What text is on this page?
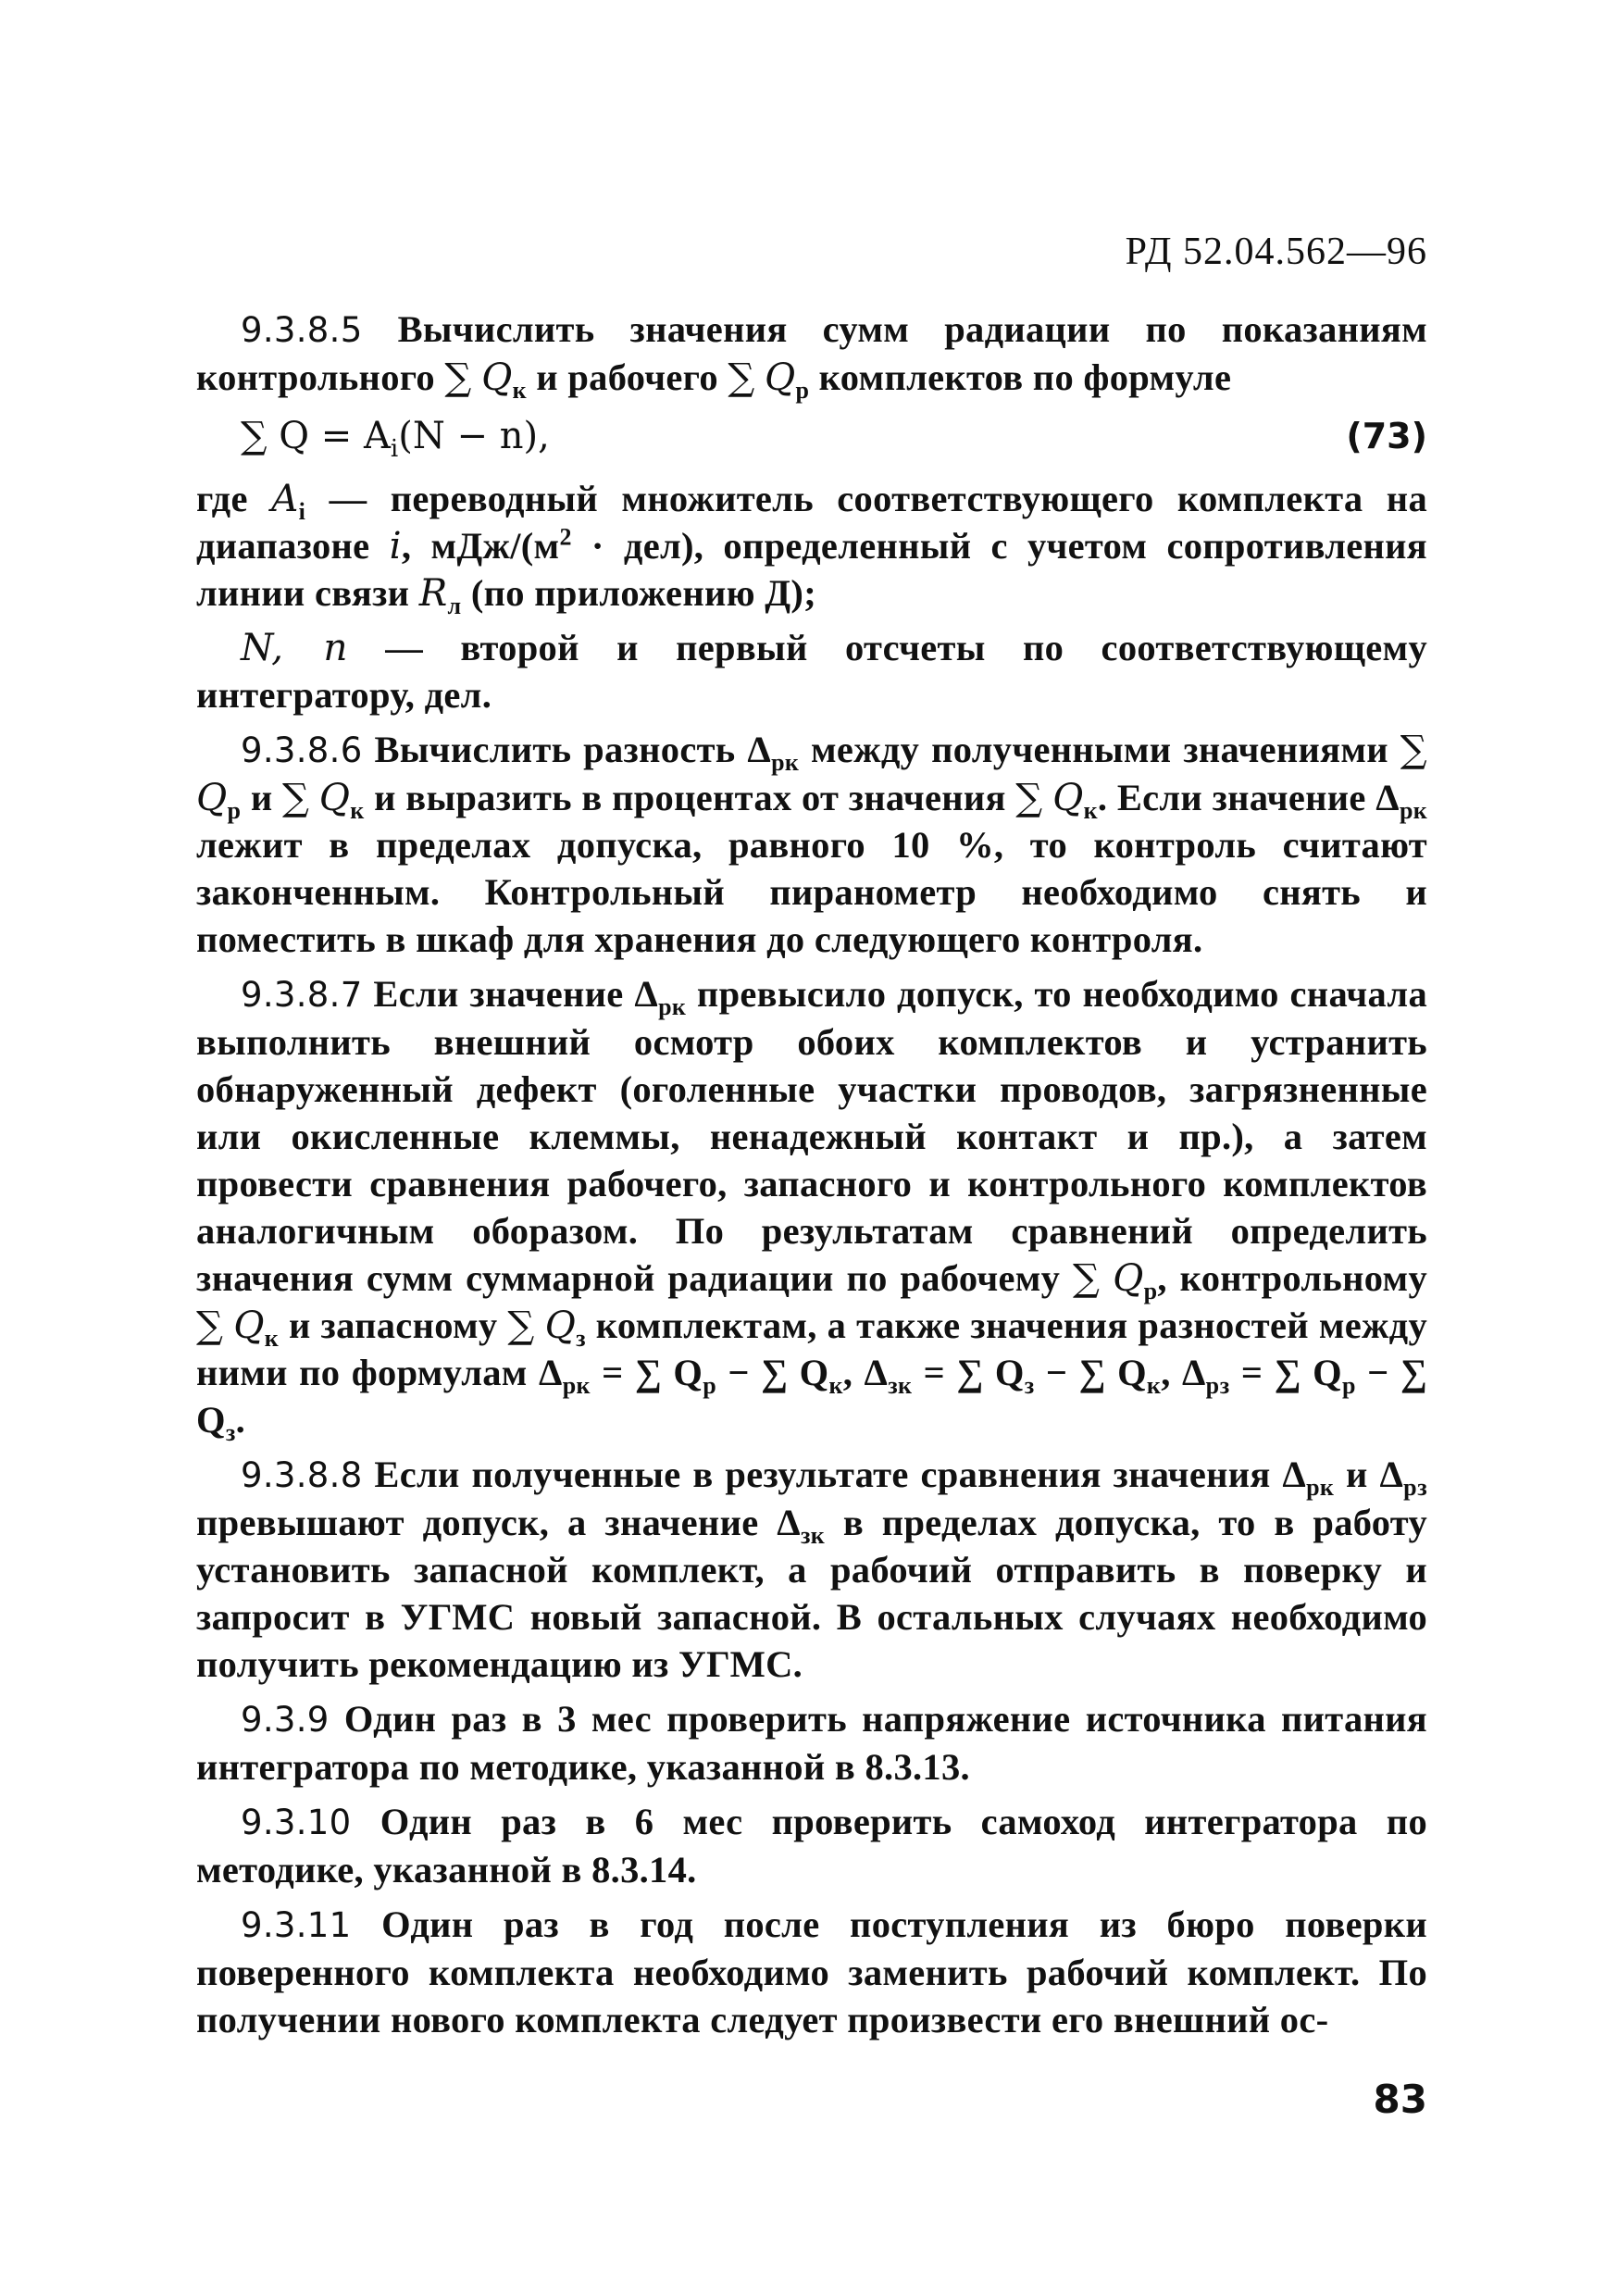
РД 52.04.562—96

9.3.8.5 Вычислить значения сумм радиации по показаниям контрольного ∑ $Q_к$ и рабочего ∑ $Q_р$ комплектов по формуле

∑ $Q = A_i(N - n)$,	(73)

где $A_i$ — переводный множитель соответствующего комплекта на диапазоне i, мДж/$(м^2 \cdot дел)$, определенный с учетом сопротивления линии связи $R_л$ (по приложению Д);

N, n — второй и первый отсчеты по соответствующему интегратору, дел.

9.3.8.6 Вычислить разность $\Delta_{рк}$ между полученными значениями ∑ $Q_р$ и ∑ $Q_к$ и выразить в процентах от значения ∑ $Q_к$. Если значение $\Delta_{рк}$ лежит в пределах допуска, равного 10 %, то контроль считают законченным. Контрольный пиранометр необходимо снять и поместить в шкаф для хранения до следующего контроля.

9.3.8.7 Если значение $\Delta_{рк}$ превысило допуск, то необходимо сначала выполнить внешний осмотр обоих комплектов и устранить обнаруженный дефект (оголенные участки проводов, загрязненные или окисленные клеммы, ненадежный контакт и пр.), а затем провести сравнения рабочего, запасного и контрольного комплектов аналогичным оборазом. По результатам сравнений определить значения сумм суммарной радиации по рабочему ∑ $Q_р$, контрольному ∑ $Q_к$ и запасному ∑ $Q_з$ комплектам, а также значения разностей между ними по формулам $\Delta_{рк}$ = ∑ $Q_р$ − ∑ $Q_к$, $\Delta_{зк}$ = ∑ $Q_з$ − ∑ $Q_к$, $\Delta_{рз}$ = ∑ $Q_р$ − ∑ $Q_з$.

9.3.8.8 Если полученные в результате сравнения значения $\Delta_{рк}$ и $\Delta_{рз}$ превышают допуск, а значение $\Delta_{зк}$ в пределах допуска, то в работу установить запасной комплект, а рабочий отправить в поверку и запросит в УГМС новый запасной. В остальных случаях необходимо получить рекомендацию из УГМС.

9.3.9 Один раз в 3 мес проверить напряжение источника питания интегратора по методике, указанной в 8.3.13.

9.3.10 Один раз в 6 мес проверить самоход интегратора по методике, указанной в 8.3.14.

9.3.11 Один раз в год после поступления из бюро поверки поверенного комплекта необходимо заменить рабочий комплект. По получении нового комплекта следует произвести его внешний ос-

83
